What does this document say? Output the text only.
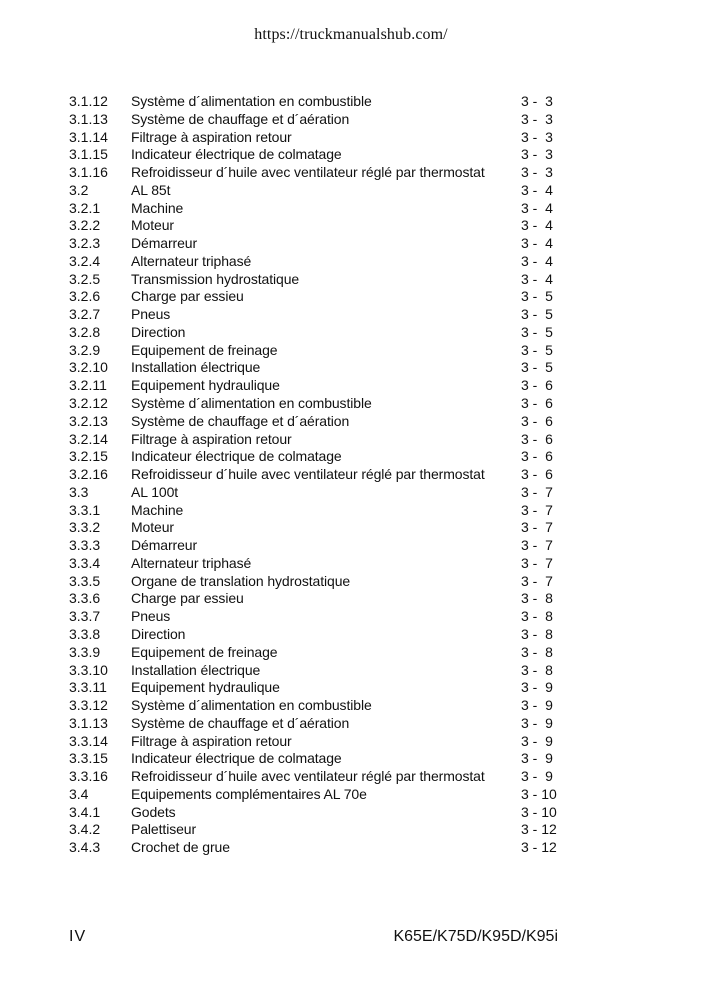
https://truckmanualshub.com/
3.1.12 Système d´alimentation en combustible	3 -  3
3.1.13 Système de chauffage et d´aération	3 -  3
3.1.14 Filtrage à aspiration retour	3 -  3
3.1.15 Indicateur électrique de colmatage	3 -  3
3.1.16 Refroidisseur d´huile avec ventilateur réglé par thermostat	3 -  3
3.2	AL 85t	3 -  4
3.2.1 Machine	3 -  4
3.2.2 Moteur	3 -  4
3.2.3 Démarreur	3 -  4
3.2.4 Alternateur triphasé	3 -  4
3.2.5 Transmission hydrostatique	3 -  4
3.2.6 Charge par essieu	3 -  5
3.2.7 Pneus	3 -  5
3.2.8 Direction	3 -  5
3.2.9 Equipement de freinage	3 -  5
3.2.10 Installation électrique	3 -  5
3.2.11 Equipement hydraulique	3 -  6
3.2.12 Système d´alimentation en combustible	3 -  6
3.2.13 Système de chauffage et d´aération	3 -  6
3.2.14 Filtrage à aspiration retour	3 -  6
3.2.15 Indicateur électrique de colmatage	3 -  6
3.2.16 Refroidisseur d´huile avec ventilateur réglé par thermostat	3 -  6
3.3	AL 100t	3 -  7
3.3.1 Machine	3 -  7
3.3.2 Moteur	3 -  7
3.3.3 Démarreur	3 -  7
3.3.4 Alternateur triphasé	3 -  7
3.3.5 Organe de translation hydrostatique	3 -  7
3.3.6 Charge par essieu	3 -  8
3.3.7 Pneus	3 -  8
3.3.8 Direction	3 -  8
3.3.9 Equipement de freinage	3 -  8
3.3.10 Installation électrique	3 -  8
3.3.11 Equipement hydraulique	3 -  9
3.3.12 Système d´alimentation en combustible	3 -  9
3.1.13 Système de chauffage et d´aération	3 -  9
3.3.14 Filtrage à aspiration retour	3 -  9
3.3.15 Indicateur électrique de colmatage	3 -  9
3.3.16 Refroidisseur d´huile avec ventilateur réglé par thermostat	3 -  9
3.4	Equipements complémentaires AL 70e	3 - 10
3.4.1 Godets	3 - 10
3.4.2 Palettiseur	3 - 12
3.4.3 Crochet de grue	3 - 12
IV	K65E/K75D/K95D/K95i
